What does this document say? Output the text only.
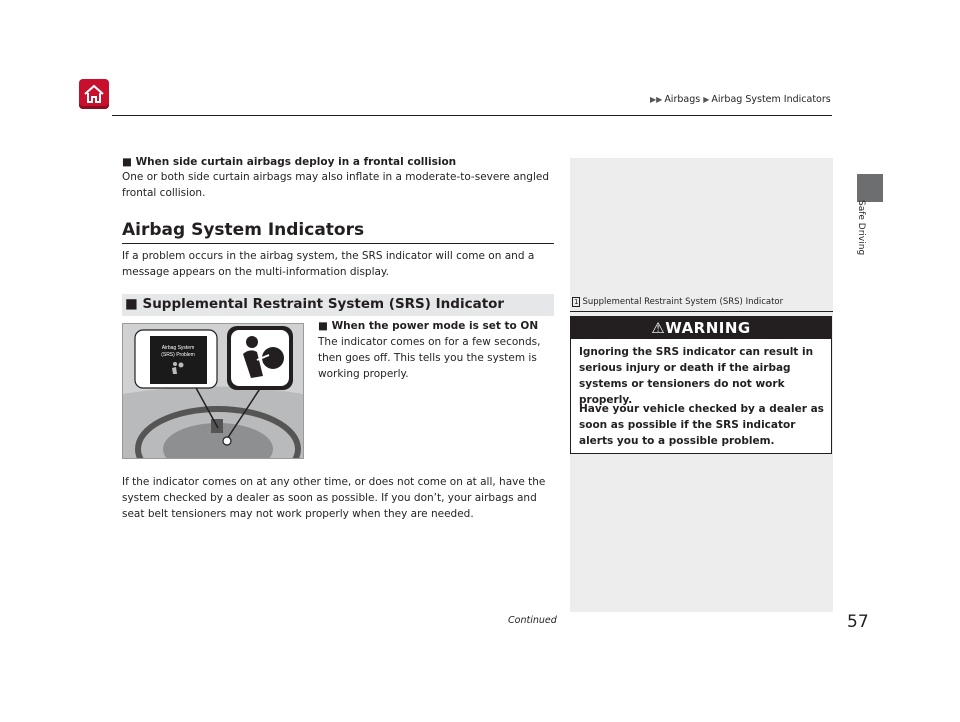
▶▶ Airbags ▶ Airbag System Indicators
Safe Driving
■ When side curtain airbags deploy in a frontal collision
One or both side curtain airbags may also inflate in a moderate-to-severe angled frontal collision.
Airbag System Indicators
If a problem occurs in the airbag system, the SRS indicator will come on and a message appears on the multi-information display.
■ Supplemental Restraint System (SRS) Indicator
Airbag System
(SRS) Problem
■ When the power mode is set to ON
The indicator comes on for a few seconds, then goes off. This tells you the system is working properly.
If the indicator comes on at any other time, or does not come on at all, have the system checked by a dealer as soon as possible. If you don’t, your airbags and seat belt tensioners may not work properly when they are needed.
Continued	57
1 Supplemental Restraint System (SRS) Indicator
⚠WARNING
Ignoring the SRS indicator can result in serious injury or death if the airbag systems or tensioners do not work properly.
Have your vehicle checked by a dealer as soon as possible if the SRS indicator alerts you to a possible problem.
